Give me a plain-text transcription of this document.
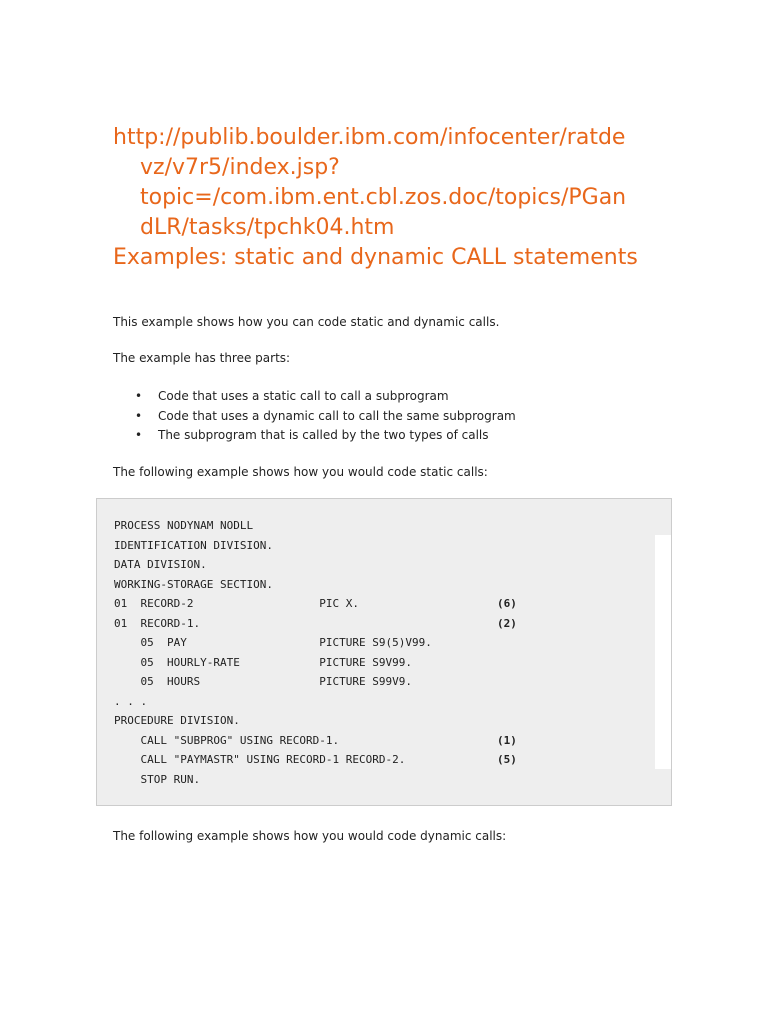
http://publib.boulder.ibm.com/infocenter/ratde
vz/v7r5/index.jsp?
topic=/com.ibm.ent.cbl.zos.doc/topics/PGan
dLR/tasks/tpchk04.htm
Examples: static and dynamic CALL statements
This example shows how you can code static and dynamic calls.
The example has three parts:
• Code that uses a static call to call a subprogram
• Code that uses a dynamic call to call the same subprogram
• The subprogram that is called by the two types of calls
The following example shows how you would code static calls:
PROCESS NODYNAM NODLL
IDENTIFICATION DIVISION.
DATA DIVISION.
WORKING-STORAGE SECTION.
01  RECORD-2                   PIC X.	(6)
01  RECORD-1.	(2)
05  PAY                    PICTURE S9(5)V99.
05  HOURLY-RATE            PICTURE S9V99.
05  HOURS                  PICTURE S99V9.
. . .
PROCEDURE DIVISION.
CALL "SUBPROG" USING RECORD-1.	(1)
CALL "PAYMASTR" USING RECORD-1 RECORD-2.	(5)
STOP RUN.
The following example shows how you would code dynamic calls:
